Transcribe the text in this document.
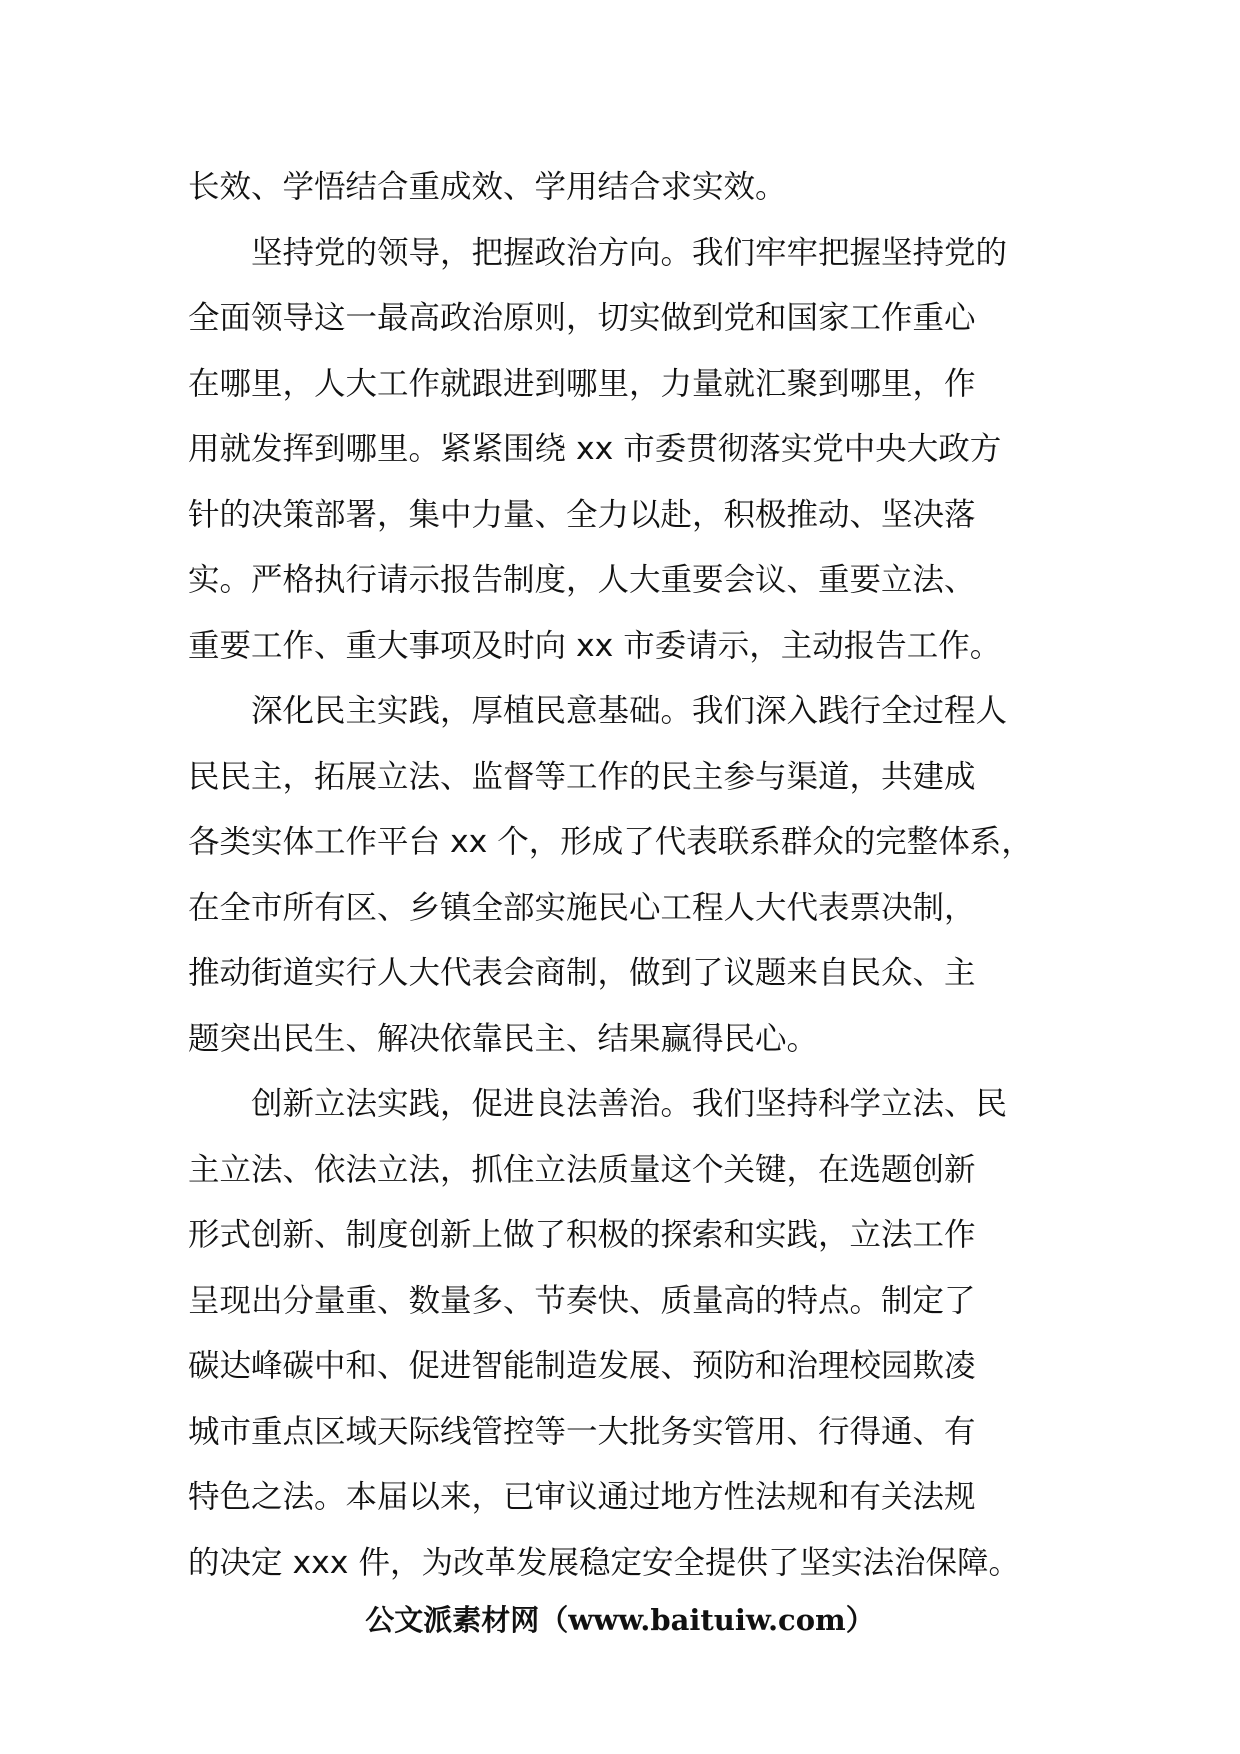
长效、学悟结合重成效、学用结合求实效。
　　坚持党的领导，把握政治方向。我们牢牢把握坚持党的
全面领导这一最高政治原则，切实做到党和国家工作重心
在哪里，人大工作就跟进到哪里，力量就汇聚到哪里，作
用就发挥到哪里。紧紧围绕 xx 市委贯彻落实党中央大政方
针的决策部署，集中力量、全力以赴，积极推动、坚决落
实。严格执行请示报告制度，人大重要会议、重要立法、
重要工作、重大事项及时向 xx 市委请示，主动报告工作。
　　深化民主实践，厚植民意基础。我们深入践行全过程人
民民主，拓展立法、监督等工作的民主参与渠道，共建成
各类实体工作平台 xx 个，形成了代表联系群众的完整体系，
在全市所有区、乡镇全部实施民心工程人大代表票决制，
推动街道实行人大代表会商制，做到了议题来自民众、主
题突出民生、解决依靠民主、结果赢得民心。
　　创新立法实践，促进良法善治。我们坚持科学立法、民
主立法、依法立法，抓住立法质量这个关键，在选题创新
形式创新、制度创新上做了积极的探索和实践，立法工作
呈现出分量重、数量多、节奏快、质量高的特点。制定了
碳达峰碳中和、促进智能制造发展、预防和治理校园欺凌
城市重点区域天际线管控等一大批务实管用、行得通、有
特色之法。本届以来，已审议通过地方性法规和有关法规
的决定 xxx 件，为改革发展稳定安全提供了坚实法治保障。
公文派素材网（www.baituiw.com）
